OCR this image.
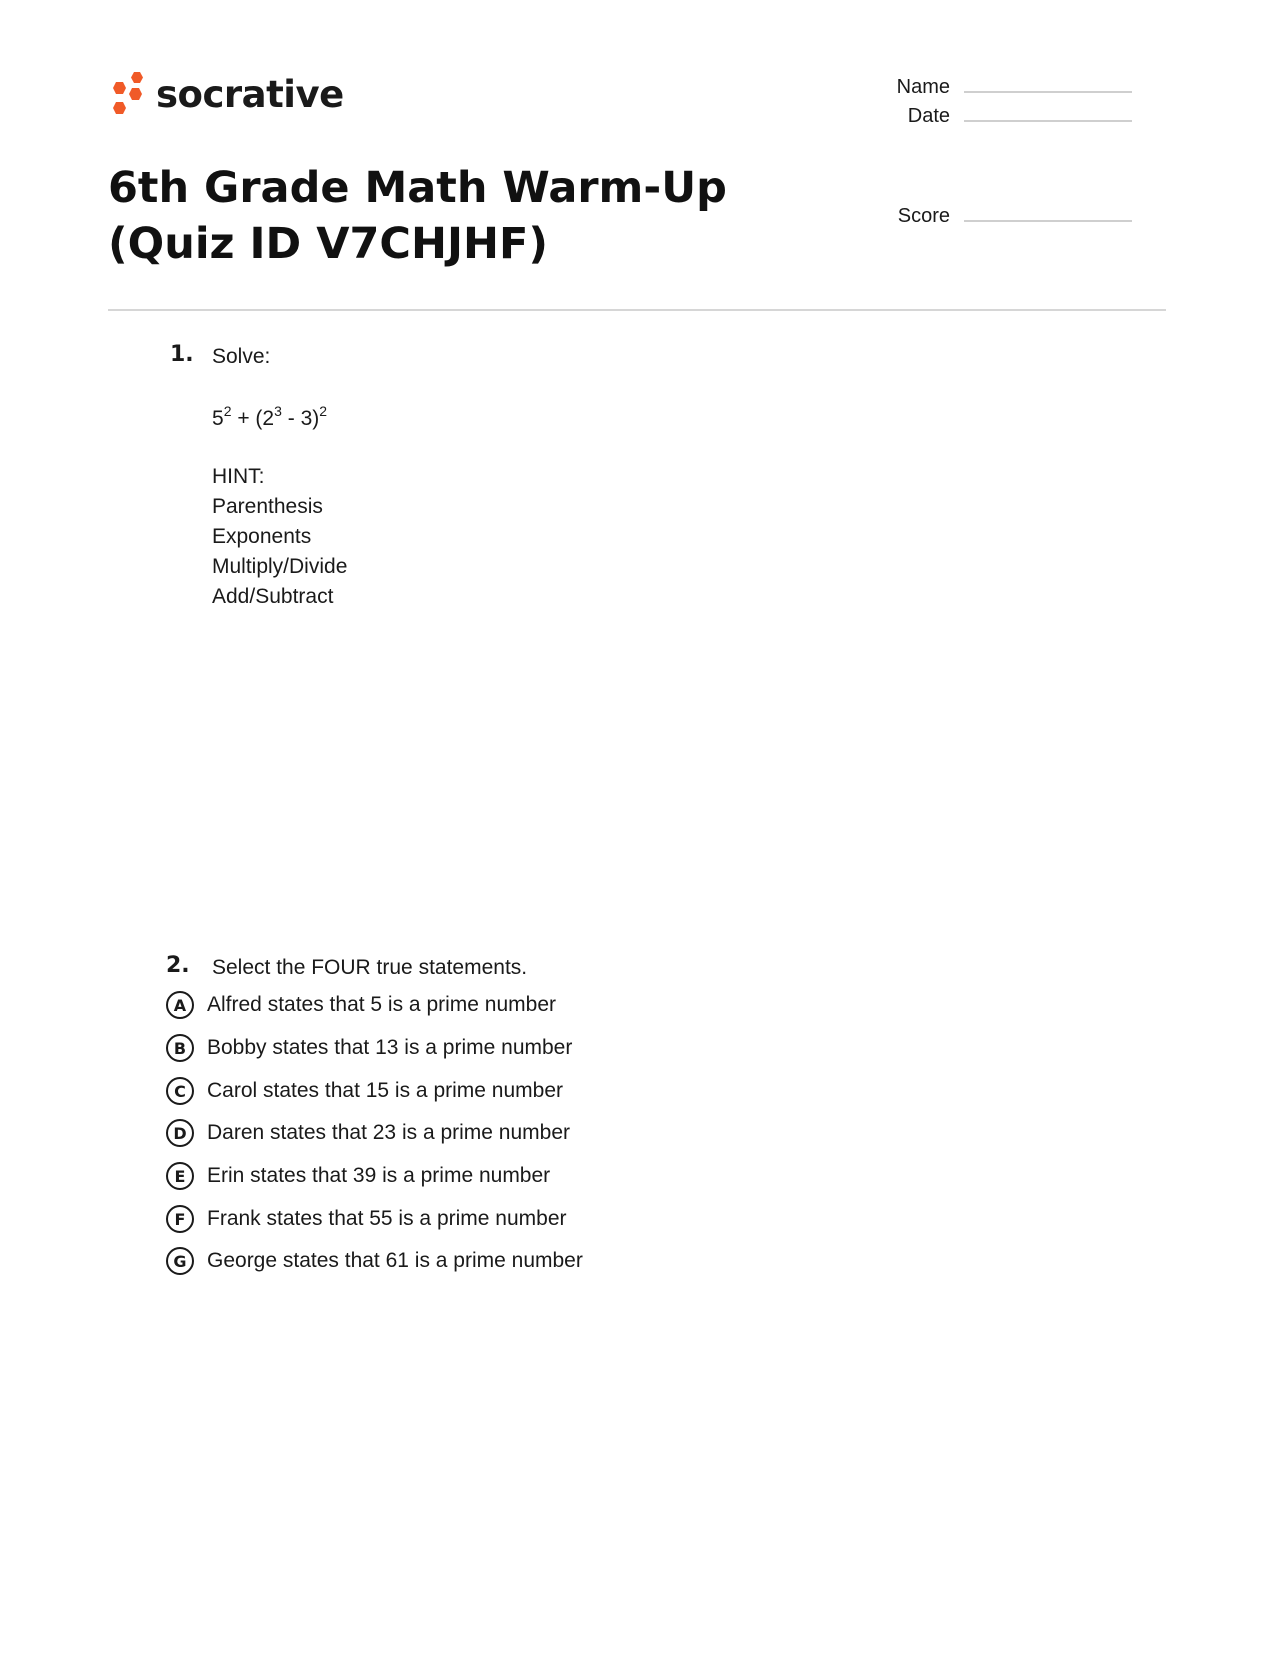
socrative
6th Grade Math Warm-Up (Quiz ID V7CHJHF)
Name
Date
Score
1. Solve:
$5^2 + (2^3 - 3)^2$
HINT:
Parenthesis
Exponents
Multiply/Divide
Add/Subtract
2. Select the FOUR true statements.
A Alfred states that 5 is a prime number
B Bobby states that 13 is a prime number
C	Carol states that 15 is a prime number
D Daren states that 23 is a prime number
E	Erin states that 39 is a prime number
F	Frank states that 55 is a prime number
G George states that 61 is a prime number
